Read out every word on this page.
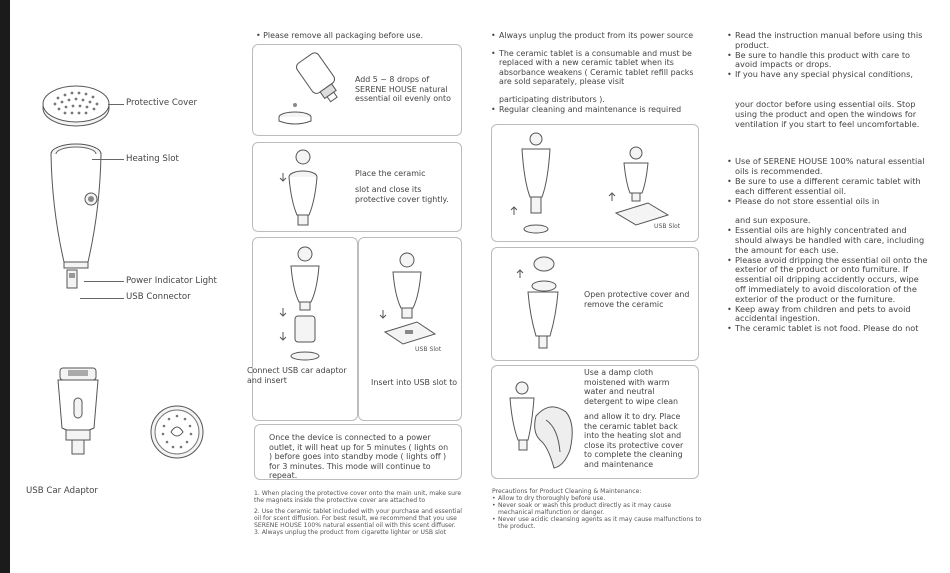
Protective Cover
Heating Slot
Power Indicator Light
USB Connector
USB Car Adaptor
• Please remove all packaging before use.
Add 5 ~ 8 drops of SERENE HOUSE natural essential oil evenly onto
Place the ceramic
slot and close its protective cover tightly.
Connect USB car adaptor and insert
USB Slot
Insert into USB slot to
Once the device is connected to a power outlet, it will heat up for 5 minutes ( lights on ) before goes into standby mode ( lights off ) for 3 minutes. This mode will continue to repeat.
1. When placing the protective cover onto the main unit, make sure the magnets inside the protective cover are attached to
2. Use the ceramic tablet included with your purchase and essential oil for scent diffusion. For best result, we recommend that you use SERENE HOUSE 100% natural essential oil with this scent diffuser.
3. Always unplug the product from cigarette lighter or USB slot
• Always unplug the product from its power source
• The ceramic tablet is a consumable and must be replaced with a new ceramic tablet when its absorbance weakens ( Ceramic tablet refill packs are sold separately, please visit
participating distributors ).
• Regular cleaning and maintenance is required
USB Slot
Open protective cover and remove the ceramic
Use a damp cloth moistened with warm water and neutral detergent to wipe clean
and allow it to dry. Place the ceramic tablet back into the heating slot and close its protective cover to complete the cleaning and maintenance
Precautions for Product Cleaning & Maintenance:
• Allow to dry thoroughly before use.
• Never soak or wash this product directly as it may cause mechanical malfunction or danger.
• Never use acidic cleansing agents as it may cause malfunctions to the product.
• Read the instruction manual before using this product.
• Be sure to handle this product with care to avoid impacts or drops.
• If you have any special physical conditions,
your doctor before using essential oils. Stop using the product and open the windows for ventilation if you start to feel uncomfortable.
• Use of SERENE HOUSE 100% natural essential oils is recommended.
• Be sure to use a different ceramic tablet with each different essential oil.
• Please do not store essential oils in
and sun exposure.
• Essential oils are highly concentrated and should always be handled with care, including the amount for each use.
• Please avoid dripping the essential oil onto the exterior of the product or onto furniture. If essential oil dripping accidently occurs, wipe off immediately to avoid discoloration of the exterior of the product or the furniture.
• Keep away from children and pets to avoid accidental ingestion.
• The ceramic tablet is not food. Please do not
